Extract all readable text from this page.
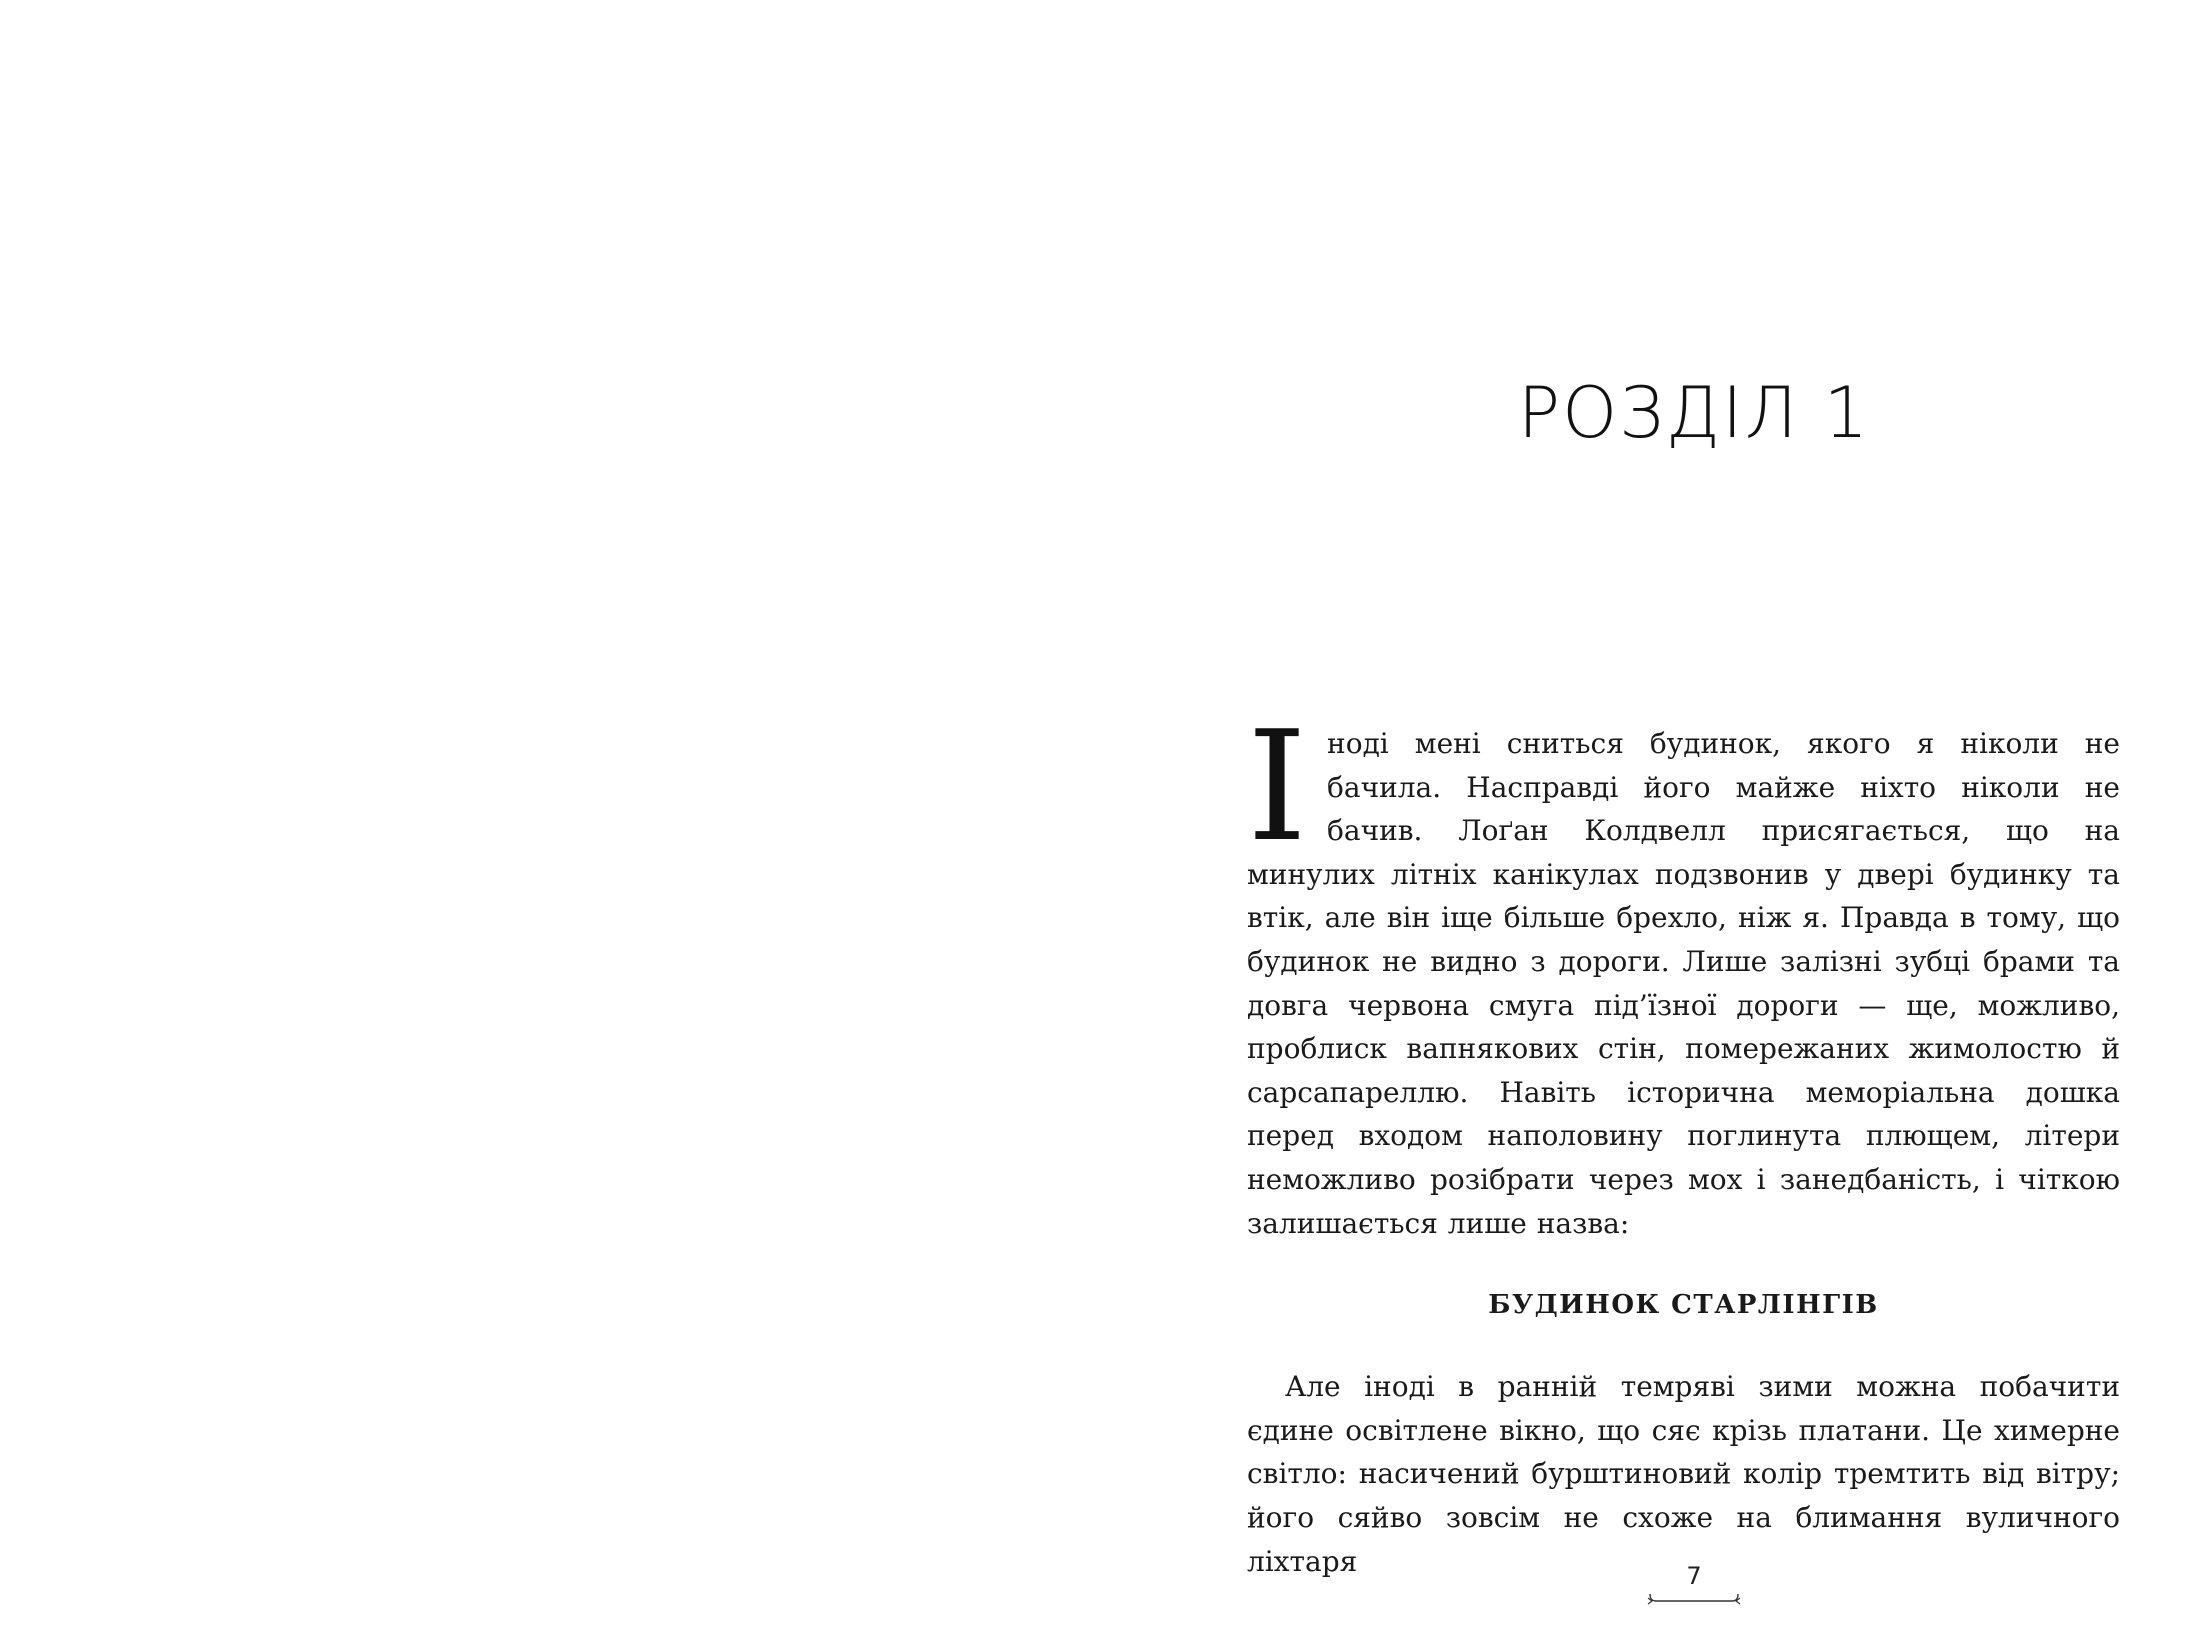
РОЗДІЛ 1

Іноді мені сниться будинок, якого я ніколи не бачила. Насправді його майже ніхто ніколи не бачив. Лоґан Колдвелл присягається, що на минулих літніх канікулах подзвонив у двері будинку та втік, але він іще більше брехло, ніж я. Правда в тому, що будинок не видно з дороги. Лише залізні зубці брами та довга червона смуга під’їзної дороги — ще, можливо, проблиск вапнякових стін, помережаних жимолостю й сарсапареллю. Навіть історична меморіальна дошка перед входом наполовину поглинута плющем, літери неможливо розібрати через мох і занедбаність, і чіткою залишається лише назва:

БУДИНОК СТАРЛІНГІВ

Але іноді в ранній темряві зими можна побачити єдине освітлене вікно, що сяє крізь платани. Це химерне світло: насичений бурштиновий колір тремтить від вітру; його сяйво зовсім не схоже на блимання вуличного ліхтаря	7
